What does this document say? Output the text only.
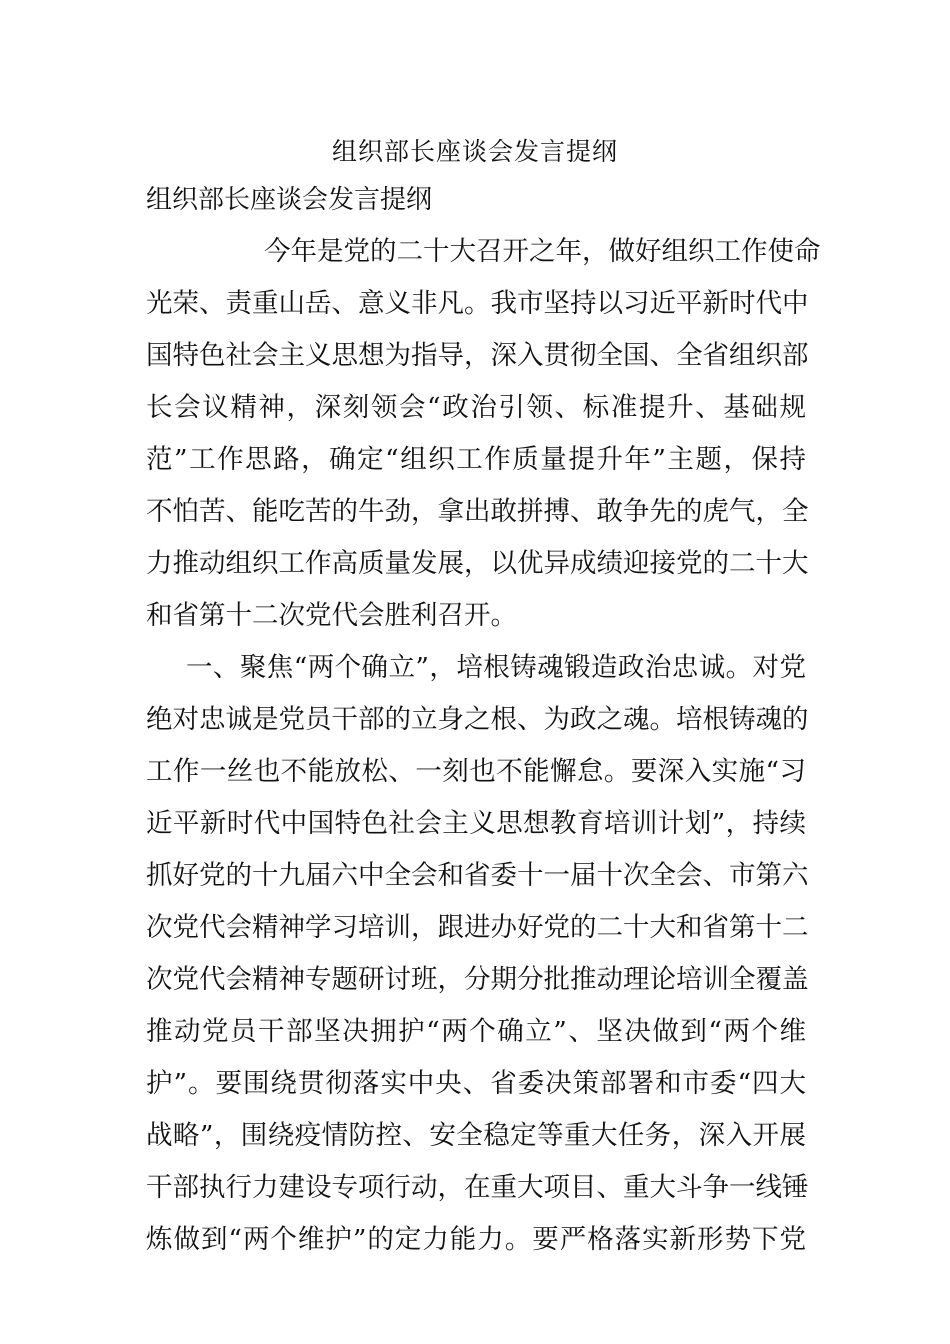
组织部长座谈会发言提纲
组织部长座谈会发言提纲

今年是党的二十大召开之年，做好组织工作使命
光荣、责重山岳、意义非凡。我市坚持以习近平新时代中
国特色社会主义思想为指导，深入贯彻全国、全省组织部
长会议精神，深刻领会“政治引领、标准提升、基础规
范”工作思路，确定“组织工作质量提升年”主题，保持
不怕苦、能吃苦的牛劲，拿出敢拼搏、敢争先的虎气，全
力推动组织工作高质量发展，以优异成绩迎接党的二十大
和省第十二次党代会胜利召开。

一、聚焦“两个确立”，培根铸魂锻造政治忠诚。对党
绝对忠诚是党员干部的立身之根、为政之魂。培根铸魂的
工作一丝也不能放松、一刻也不能懈怠。要深入实施“习
近平新时代中国特色社会主义思想教育培训计划”，持续
抓好党的十九届六中全会和省委十一届十次全会、市第六
次党代会精神学习培训，跟进办好党的二十大和省第十二
次党代会精神专题研讨班，分期分批推动理论培训全覆盖
推动党员干部坚决拥护“两个确立”、坚决做到“两个维
护”。要围绕贯彻落实中央、省委决策部署和市委“四大
战略”，围绕疫情防控、安全稳定等重大任务，深入开展
干部执行力建设专项行动，在重大项目、重大斗争一线锤
炼做到“两个维护”的定力能力。要严格落实新形势下党
